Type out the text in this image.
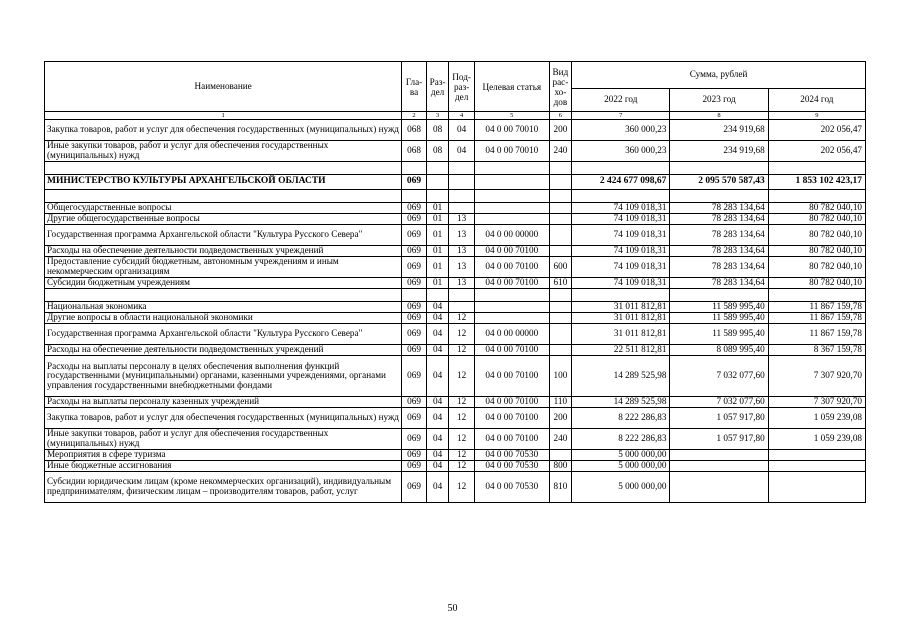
Наименование	Гла-ва	Раз-дел	Под-раз-дел	Целевая статья	Вид рас-хо-дов	Сумма, рублей		
						2022 год	2023 год	2024 год
1	2	3	4	5	6	7	8	9
Закупка товаров, работ и услуг для обеспечения государственных (муниципальных) нужд	068	08	04	04 0 00 70010	200	360 000,23	234 919,68	202 056,47
Иные закупки товаров, работ и услуг для обеспечения государственных (муниципальных) нужд	068	08	04	04 0 00 70010	240	360 000,23	234 919,68	202 056,47

МИНИСТЕРСТВО КУЛЬТУРЫ АРХАНГЕЛЬСКОЙ ОБЛАСТИ	069					2 424 677 098,67	2 095 570 587,43	1 853 102 423,17

Общегосударственные вопросы	069	01				74 109 018,31	78 283 134,64	80 782 040,10
Другие общегосударственные вопросы	069	01	13			74 109 018,31	78 283 134,64	80 782 040,10
Государственная программа Архангельской области "Культура Русского Севера"	069	01	13	04 0 00 00000		74 109 018,31	78 283 134,64	80 782 040,10
Расходы на обеспечение деятельности подведомственных учреждений	069	01	13	04 0 00 70100		74 109 018,31	78 283 134,64	80 782 040,10
Предоставление субсидий бюджетным, автономным учреждениям и иным некоммерческим организациям	069	01	13	04 0 00 70100	600	74 109 018,31	78 283 134,64	80 782 040,10
Субсидии бюджетным учреждениям	069	01	13	04 0 00 70100	610	74 109 018,31	78 283 134,64	80 782 040,10

Национальная экономика	069	04				31 011 812,81	11 589 995,40	11 867 159,78
Другие вопросы в области национальной экономики	069	04	12			31 011 812,81	11 589 995,40	11 867 159,78
Государственная программа Архангельской области "Культура Русского Севера"	069	04	12	04 0 00 00000		31 011 812,81	11 589 995,40	11 867 159,78
Расходы на обеспечение деятельности подведомственных учреждений	069	04	12	04 0 00 70100		22 511 812,81	8 089 995,40	8 367 159,78
Расходы на выплаты персоналу в целях обеспечения выполнения функций государственными (муниципальными) органами, казенными учреждениями, органами управления государственными внебюджетными фондами	069	04	12	04 0 00 70100	100	14 289 525,98	7 032 077,60	7 307 920,70
Расходы на выплаты персоналу казенных учреждений	069	04	12	04 0 00 70100	110	14 289 525,98	7 032 077,60	7 307 920,70
Закупка товаров, работ и услуг для обеспечения государственных (муниципальных) нужд	069	04	12	04 0 00 70100	200	8 222 286,83	1 057 917,80	1 059 239,08
Иные закупки товаров, работ и услуг для обеспечения государственных (муниципальных) нужд	069	04	12	04 0 00 70100	240	8 222 286,83	1 057 917,80	1 059 239,08
Мероприятия в сфере туризма	069	04	12	04 0 00 70530		5 000 000,00		
Иные бюджетные ассигнования	069	04	12	04 0 00 70530	800	5 000 000,00		
Субсидии юридическим лицам (кроме некоммерческих организаций), индивидуальным предпринимателям, физическим лицам – производителям товаров, работ, услуг	069	04	12	04 0 00 70530	810	5 000 000,00		
50
